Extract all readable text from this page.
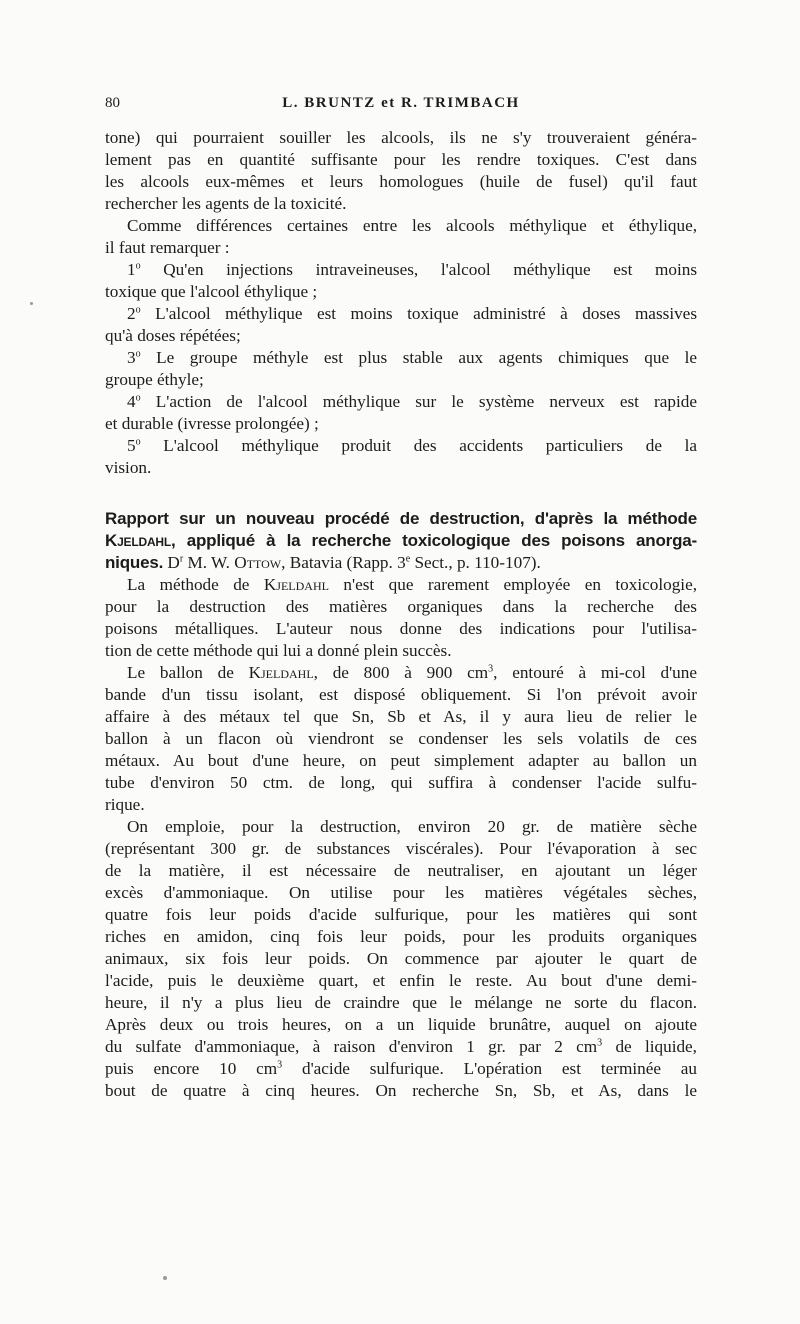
80	L. BRUNTZ et R. TRIMBACH
tone) qui pourraient souiller les alcools, ils ne s'y trouveraient généra-
lement pas en quantité suffisante pour les rendre toxiques. C'est dans
les alcools eux-mêmes et leurs homologues (huile de fusel) qu'il faut
rechercher les agents de la toxicité.
Comme différences certaines entre les alcools méthylique et éthylique,
il faut remarquer :
1$^o$ Qu'en injections intraveineuses, l'alcool méthylique est moins
toxique que l'alcool éthylique ;
2$^o$ L'alcool méthylique est moins toxique administré à doses massives
qu'à doses répétées;
3$^o$ Le groupe méthyle est plus stable aux agents chimiques que le
groupe éthyle;
4$^o$ L'action de l'alcool méthylique sur le système nerveux est rapide
et durable (ivresse prolongée) ;
5$^o$ L'alcool méthylique produit des accidents particuliers de la
vision.
Rapport sur un nouveau procédé de destruction, d'après la méthode
Kjeldahl, appliqué à la recherche toxicologique des poisons anorga-
niques. $D^r$ M. W. Ottow, Batavia (Rapp. 3e Sect., p. 110-107).
La méthode de Kjeldahl n'est que rarement employée en toxicologie,
pour la destruction des matières organiques dans la recherche des
poisons métalliques. L'auteur nous donne des indications pour l'utilisa-
tion de cette méthode qui lui a donné plein succès.
Le ballon de Kjeldahl, de 800 à 900 $cm^3$, entouré à mi-col d'une
bande d'un tissu isolant, est disposé obliquement. Si l'on prévoit avoir
affaire à des métaux tel que Sn, Sb et As, il y aura lieu de relier le
ballon à un flacon où viendront se condenser les sels volatils de ces
métaux. Au bout d'une heure, on peut simplement adapter au ballon un
tube d'environ 50 ctm. de long, qui suffira à condenser l'acide sulfu-
rique.
On emploie, pour la destruction, environ 20 gr. de matière sèche
(représentant 300 gr. de substances viscérales). Pour l'évaporation à sec
de la matière, il est nécessaire de neutraliser, en ajoutant un léger
excès d'ammoniaque. On utilise pour les matières végétales sèches,
quatre fois leur poids d'acide sulfurique, pour les matières qui sont
riches en amidon, cinq fois leur poids, pour les produits organiques
animaux, six fois leur poids. On commence par ajouter le quart de
l'acide, puis le deuxième quart, et enfin le reste. Au bout d'une demi-
heure, il n'y a plus lieu de craindre que le mélange ne sorte du flacon.
Après deux ou trois heures, on a un liquide brunâtre, auquel on ajoute
du sulfate d'ammoniaque, à raison d'environ 1 gr. par 2 $cm^3$ de liquide,
puis encore 10 $cm^3$ d'acide sulfurique. L'opération est terminée au
bout de quatre à cinq heures. On recherche Sn, Sb, et As, dans le
